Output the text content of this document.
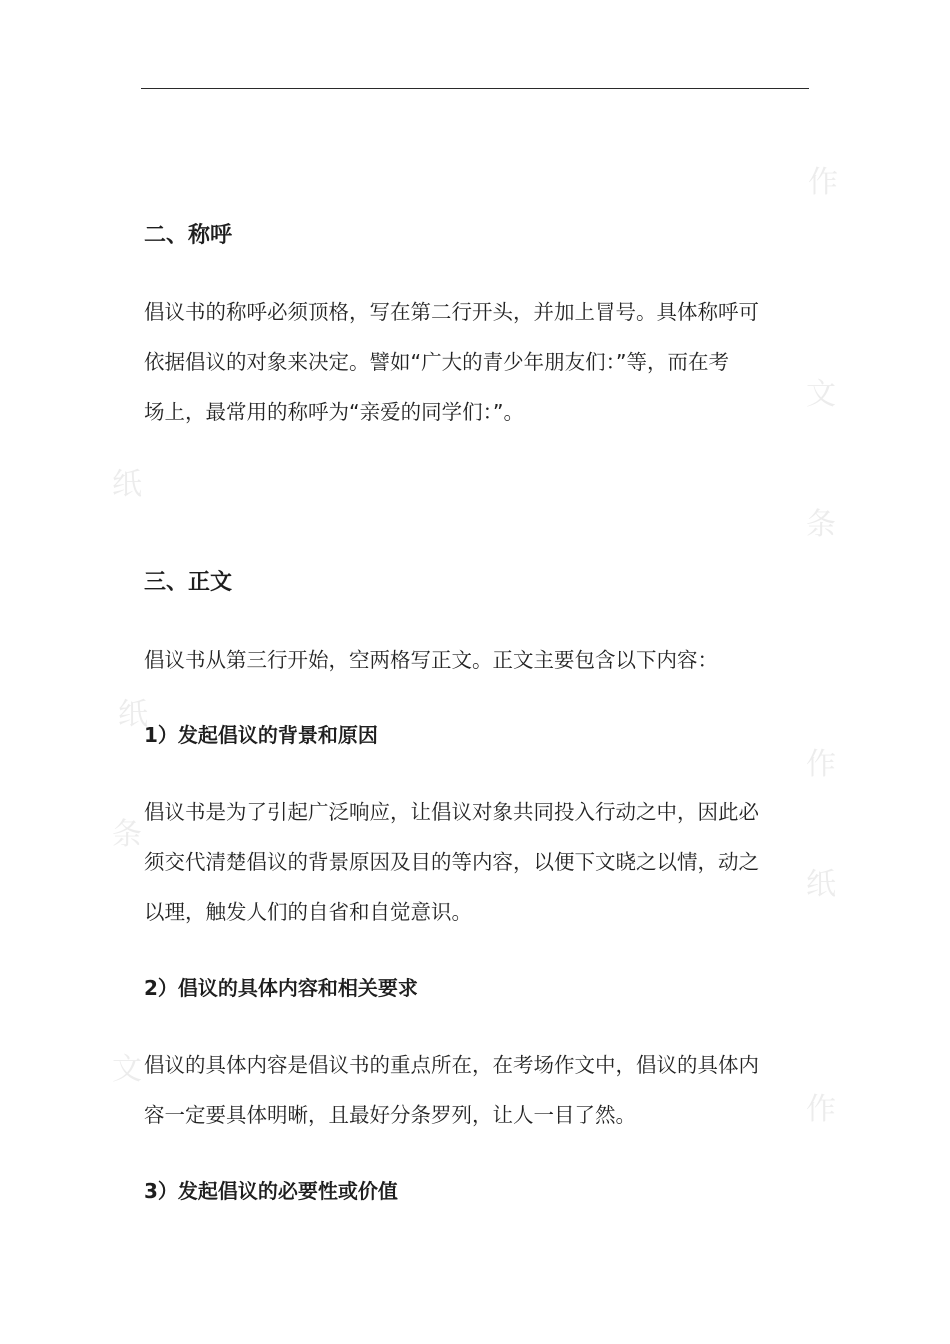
作
文
纸
条
纸
作
条
纸
文
作
二、称呼
倡议书的称呼必须顶格，写在第二行开头，并加上冒号。具体称呼可
依据倡议的对象来决定。譬如“广大的青少年朋友们：”等，而在考
场上，最常用的称呼为“亲爱的同学们：”。
三、正文
倡议书从第三行开始，空两格写正文。正文主要包含以下内容：
1）发起倡议的背景和原因
倡议书是为了引起广泛响应，让倡议对象共同投入行动之中，因此必
须交代清楚倡议的背景原因及目的等内容，以便下文晓之以情，动之
以理，触发人们的自省和自觉意识。
2）倡议的具体内容和相关要求
倡议的具体内容是倡议书的重点所在，在考场作文中，倡议的具体内
容一定要具体明晰，且最好分条罗列，让人一目了然。
3）发起倡议的必要性或价值
